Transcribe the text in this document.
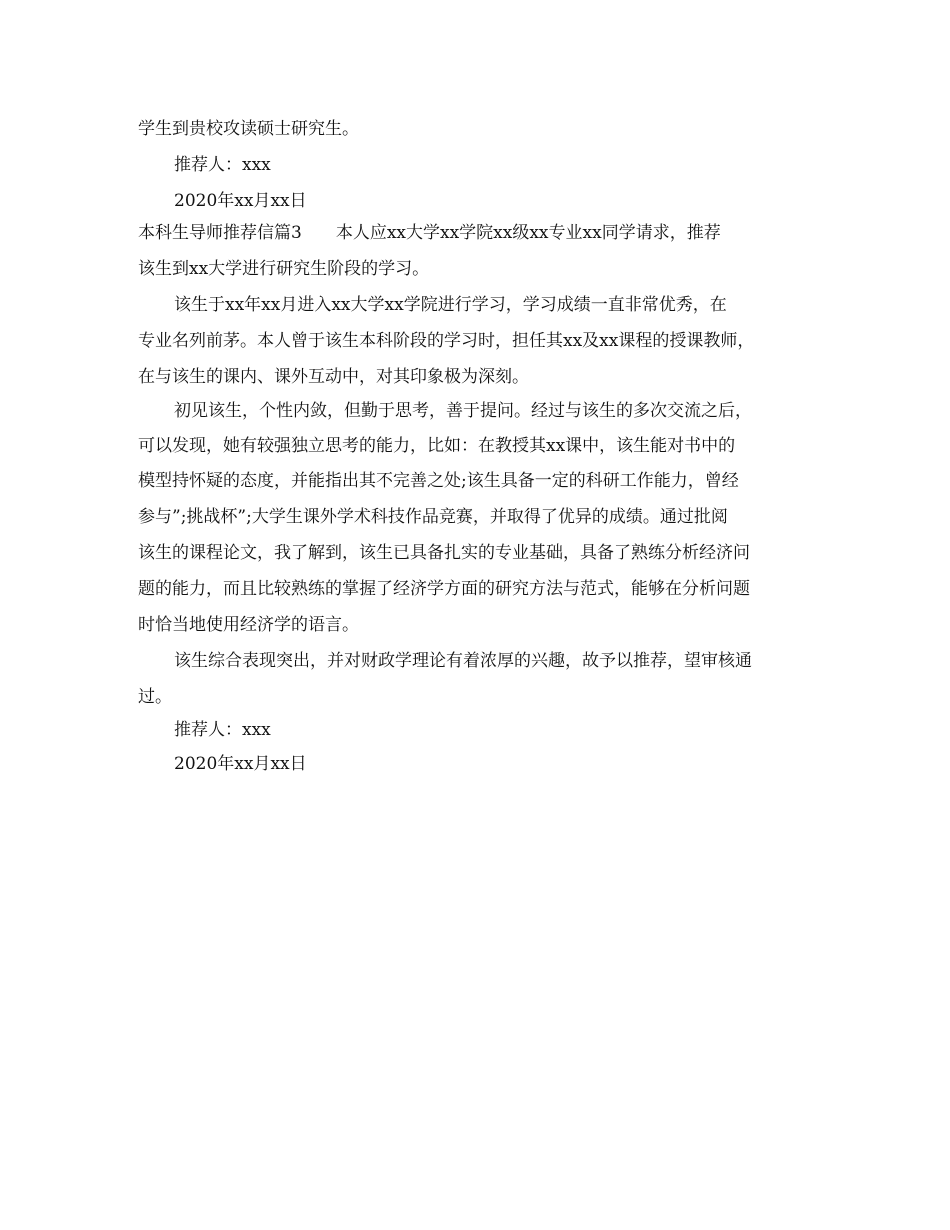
学生到贵校攻读硕士研究生。
推荐人：xxx
2020年xx月xx日
本科生导师推荐信篇3　　本人应xx大学xx学院xx级xx专业xx同学请求，推荐
该生到xx大学进行研究生阶段的学习。
该生于xx年xx月进入xx大学xx学院进行学习，学习成绩一直非常优秀，在
专业名列前茅。本人曾于该生本科阶段的学习时，担任其xx及xx课程的授课教师，
在与该生的课内、课外互动中，对其印象极为深刻。
初见该生，个性内敛，但勤于思考，善于提问。经过与该生的多次交流之后，
可以发现，她有较强独立思考的能力，比如：在教授其xx课中，该生能对书中的
模型持怀疑的态度，并能指出其不完善之处;该生具备一定的科研工作能力，曾经
参与”;挑战杯”;大学生课外学术科技作品竞赛，并取得了优异的成绩。通过批阅
该生的课程论文，我了解到，该生已具备扎实的专业基础，具备了熟练分析经济问
题的能力，而且比较熟练的掌握了经济学方面的研究方法与范式，能够在分析问题
时恰当地使用经济学的语言。
该生综合表现突出，并对财政学理论有着浓厚的兴趣，故予以推荐，望审核通
过。
推荐人：xxx
2020年xx月xx日
